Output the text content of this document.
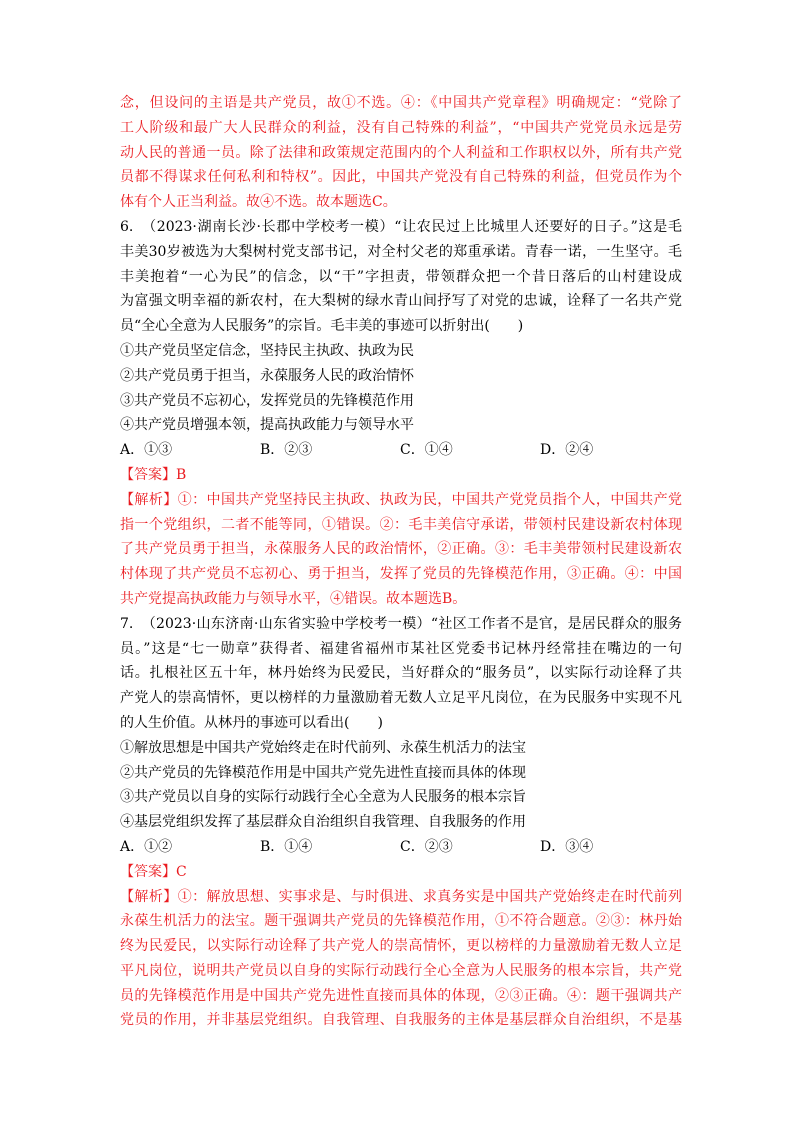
念，但设问的主语是共产党员，故①不选。④：《中国共产党章程》明确规定：“党除了
工人阶级和最广大人民群众的利益，没有自己特殊的利益”，“中国共产党党员永远是劳
动人民的普通一员。除了法律和政策规定范围内的个人利益和工作职权以外，所有共产党
员都不得谋求任何私利和特权”。因此，中国共产党没有自己特殊的利益，但党员作为个
体有个人正当利益。故④不选。故本题选C。
6. （2023·湖南长沙·长郡中学校考一模）“让农民过上比城里人还要好的日子。”这是毛
丰美30岁被选为大梨树村党支部书记，对全村父老的郑重承诺。青春一诺，一生坚守。毛
丰美抱着“一心为民”的信念，以“干”字担责，带领群众把一个昔日落后的山村建设成
为富强文明幸福的新农村，在大梨树的绿水青山间抒写了对党的忠诚，诠释了一名共产党
员“全心全意为人民服务”的宗旨。毛丰美的事迹可以折射出(　　)
①共产党员坚定信念，坚持民主执政、执政为民
②共产党员勇于担当，永葆服务人民的政治情怀
③共产党员不忘初心，发挥党员的先锋模范作用
④共产党员增强本领，提高执政能力与领导水平
A．①③	B．②③	C．①④	D．②④
【答案】B
【解析】①：中国共产党坚持民主执政、执政为民，中国共产党党员指个人，中国共产党
指一个党组织，二者不能等同，①错误。②：毛丰美信守承诺，带领村民建设新农村体现
了共产党员勇于担当，永葆服务人民的政治情怀，②正确。③：毛丰美带领村民建设新农
村体现了共产党员不忘初心、勇于担当，发挥了党员的先锋模范作用，③正确。④：中国
共产党提高执政能力与领导水平，④错误。故本题选B。
7. （2023·山东济南·山东省实验中学校考一模）“社区工作者不是官，是居民群众的服务
员。”这是“七一勋章”获得者、福建省福州市某社区党委书记林丹经常挂在嘴边的一句
话。扎根社区五十年，林丹始终为民爱民，当好群众的“服务员”，以实际行动诠释了共
产党人的崇高情怀，更以榜样的力量激励着无数人立足平凡岗位，在为民服务中实现不凡
的人生价值。从林丹的事迹可以看出(　　)
①解放思想是中国共产党始终走在时代前列、永葆生机活力的法宝
②共产党员的先锋模范作用是中国共产党先进性直接而具体的体现
③共产党员以自身的实际行动践行全心全意为人民服务的根本宗旨
④基层党组织发挥了基层群众自治组织自我管理、自我服务的作用
A．①②	B．①④	C．②③	D．③④
【答案】C
【解析】①：解放思想、实事求是、与时俱进、求真务实是中国共产党始终走在时代前列
永葆生机活力的法宝。题干强调共产党员的先锋模范作用，①不符合题意。②③：林丹始
终为民爱民，以实际行动诠释了共产党人的崇高情怀，更以榜样的力量激励着无数人立足
平凡岗位，说明共产党员以自身的实际行动践行全心全意为人民服务的根本宗旨，共产党
员的先锋模范作用是中国共产党先进性直接而具体的体现，②③正确。④：题干强调共产
党员的作用，并非基层党组织。自我管理、自我服务的主体是基层群众自治组织，不是基
